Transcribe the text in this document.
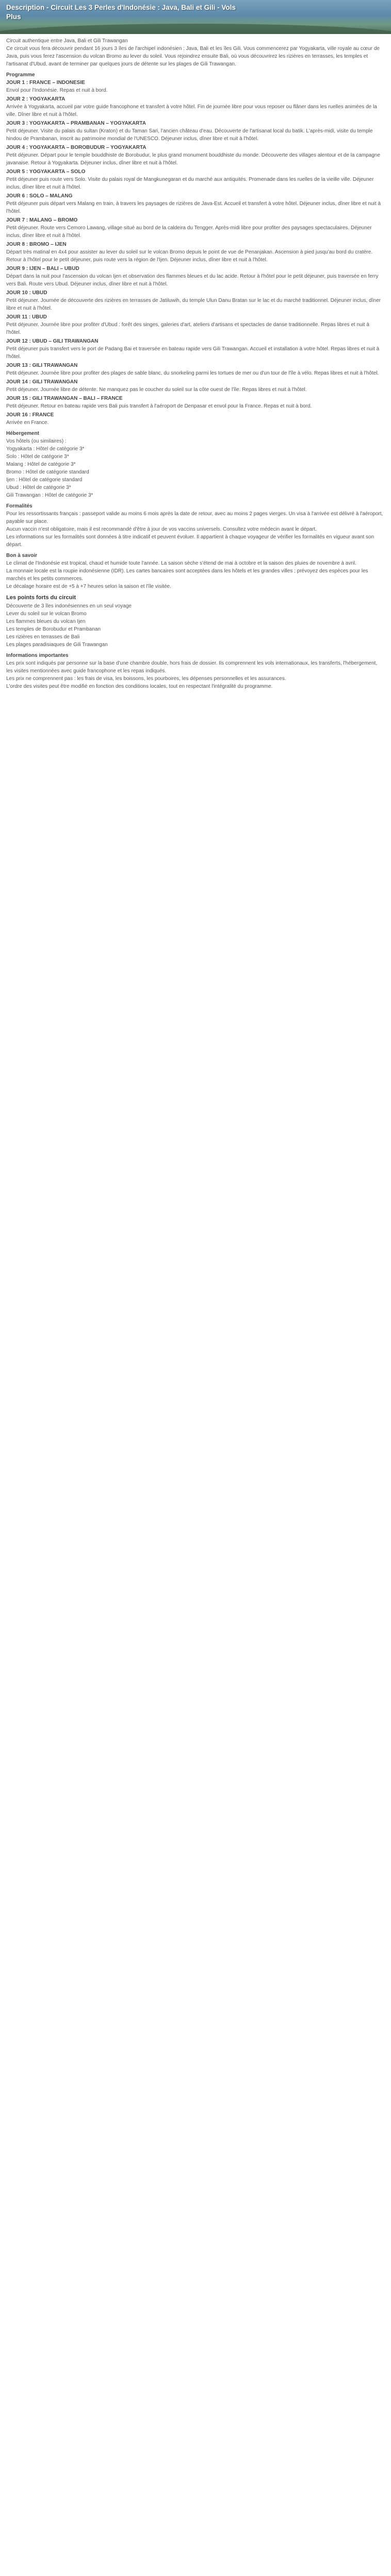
Description - Circuit Les 3 Perles d'Indonésie : Java, Bali et Gili - Vols
Plus

Circuit authentique entre Java, Bali et Gili Trawangan

Ce circuit vous fera découvrir pendant 16 jours 3 îles de l'archipel indonésien : Java, Bali et les îles Gili. Vous commencerez par Yogyakarta, ville royale au cœur de Java, puis vous ferez l'ascension du volcan Bromo au lever du soleil. Vous rejoindrez ensuite Bali, où vous découvrirez les rizières en terrasses, les temples et l'artisanat d'Ubud, avant de terminer par quelques jours de détente sur les plages de Gili Trawangan.

Programme

JOUR 1 : FRANCE – INDONESIE

Envol pour l'Indonésie. Repas et nuit à bord.

JOUR 2 : YOGYAKARTA

Arrivée à Yogyakarta, accueil par votre guide francophone et transfert à votre hôtel. Fin de journée libre pour vous reposer ou flâner dans les ruelles animées de la ville. Dîner libre et nuit à l'hôtel.

JOUR 3 : YOGYAKARTA – PRAMBANAN – YOGYAKARTA

Petit déjeuner. Visite du palais du sultan (Kraton) et du Taman Sari, l'ancien château d'eau. Découverte de l'artisanat local du batik. L'après-midi, visite du temple hindou de Prambanan, inscrit au patrimoine mondial de l'UNESCO. Déjeuner inclus, dîner libre et nuit à l'hôtel.

JOUR 4 : YOGYAKARTA – BOROBUDUR – YOGYAKARTA

Petit déjeuner. Départ pour le temple bouddhiste de Borobudur, le plus grand monument bouddhiste du monde. Découverte des villages alentour et de la campagne javanaise. Retour à Yogyakarta. Déjeuner inclus, dîner libre et nuit à l'hôtel.

JOUR 5 : YOGYAKARTA – SOLO

Petit déjeuner puis route vers Solo. Visite du palais royal de Mangkunegaran et du marché aux antiquités. Promenade dans les ruelles de la vieille ville. Déjeuner inclus, dîner libre et nuit à l'hôtel.

JOUR 6 : SOLO – MALANG

Petit déjeuner puis départ vers Malang en train, à travers les paysages de rizières de Java-Est. Accueil et transfert à votre hôtel. Déjeuner inclus, dîner libre et nuit à l'hôtel.

JOUR 7 : MALANG – BROMO

Petit déjeuner. Route vers Cemoro Lawang, village situé au bord de la caldeira du Tengger. Après-midi libre pour profiter des paysages spectaculaires. Déjeuner inclus, dîner libre et nuit à l'hôtel.

JOUR 8 : BROMO – IJEN

Départ très matinal en 4x4 pour assister au lever du soleil sur le volcan Bromo depuis le point de vue de Penanjakan. Ascension à pied jusqu'au bord du cratère. Retour à l'hôtel pour le petit déjeuner, puis route vers la région de l'Ijen. Déjeuner inclus, dîner libre et nuit à l'hôtel.

JOUR 9 : IJEN – BALI – UBUD

Départ dans la nuit pour l'ascension du volcan Ijen et observation des flammes bleues et du lac acide. Retour à l'hôtel pour le petit déjeuner, puis traversée en ferry vers Bali. Route vers Ubud. Déjeuner inclus, dîner libre et nuit à l'hôtel.

JOUR 10 : UBUD

Petit déjeuner. Journée de découverte des rizières en terrasses de Jatiluwih, du temple Ulun Danu Bratan sur le lac et du marché traditionnel. Déjeuner inclus, dîner libre et nuit à l'hôtel.

JOUR 11 : UBUD

Petit déjeuner. Journée libre pour profiter d'Ubud : forêt des singes, galeries d'art, ateliers d'artisans et spectacles de danse traditionnelle. Repas libres et nuit à l'hôtel.

JOUR 12 : UBUD – GILI TRAWANGAN

Petit déjeuner puis transfert vers le port de Padang Bai et traversée en bateau rapide vers Gili Trawangan. Accueil et installation à votre hôtel. Repas libres et nuit à l'hôtel.

JOUR 13 : GILI TRAWANGAN

Petit déjeuner. Journée libre pour profiter des plages de sable blanc, du snorkeling parmi les tortues de mer ou d'un tour de l'île à vélo. Repas libres et nuit à l'hôtel.

JOUR 14 : GILI TRAWANGAN

Petit déjeuner. Journée libre de détente. Ne manquez pas le coucher du soleil sur la côte ouest de l'île. Repas libres et nuit à l'hôtel.

JOUR 15 : GILI TRAWANGAN – BALI – FRANCE

Petit déjeuner. Retour en bateau rapide vers Bali puis transfert à l'aéroport de Denpasar et envol pour la France. Repas et nuit à bord.

JOUR 16 : FRANCE

Arrivée en France.

Hébergement

Vos hôtels (ou similaires) :

Yogyakarta : Hôtel de catégorie 3*

Solo : Hôtel de catégorie 3*

Malang : Hôtel de catégorie 3*

Bromo : Hôtel de catégorie standard

Ijen : Hôtel de catégorie standard

Ubud : Hôtel de catégorie 3*

Gili Trawangan : Hôtel de catégorie 3*

Formalités

Pour les ressortissants français : passeport valide au moins 6 mois après la date de retour, avec au moins 2 pages vierges. Un visa à l'arrivée est délivré à l'aéroport, payable sur place.

Aucun vaccin n'est obligatoire, mais il est recommandé d'être à jour de vos vaccins universels. Consultez votre médecin avant le départ.

Les informations sur les formalités sont données à titre indicatif et peuvent évoluer. Il appartient à chaque voyageur de vérifier les formalités en vigueur avant son départ.

Bon à savoir

Le climat de l'Indonésie est tropical, chaud et humide toute l'année. La saison sèche s'étend de mai à octobre et la saison des pluies de novembre à avril.

La monnaie locale est la roupie indonésienne (IDR). Les cartes bancaires sont acceptées dans les hôtels et les grandes villes ; prévoyez des espèces pour les marchés et les petits commerces.

Le décalage horaire est de +5 à +7 heures selon la saison et l'île visitée.

Les points forts du circuit

Découverte de 3 îles indonésiennes en un seul voyage

Lever du soleil sur le volcan Bromo

Les flammes bleues du volcan Ijen

Les temples de Borobudur et Prambanan

Les rizières en terrasses de Bali

Les plages paradisiaques de Gili Trawangan

Informations importantes

Les prix sont indiqués par personne sur la base d'une chambre double, hors frais de dossier. Ils comprennent les vols internationaux, les transferts, l'hébergement, les visites mentionnées avec guide francophone et les repas indiqués.

Les prix ne comprennent pas : les frais de visa, les boissons, les pourboires, les dépenses personnelles et les assurances.

L'ordre des visites peut être modifié en fonction des conditions locales, tout en respectant l'intégralité du programme.
